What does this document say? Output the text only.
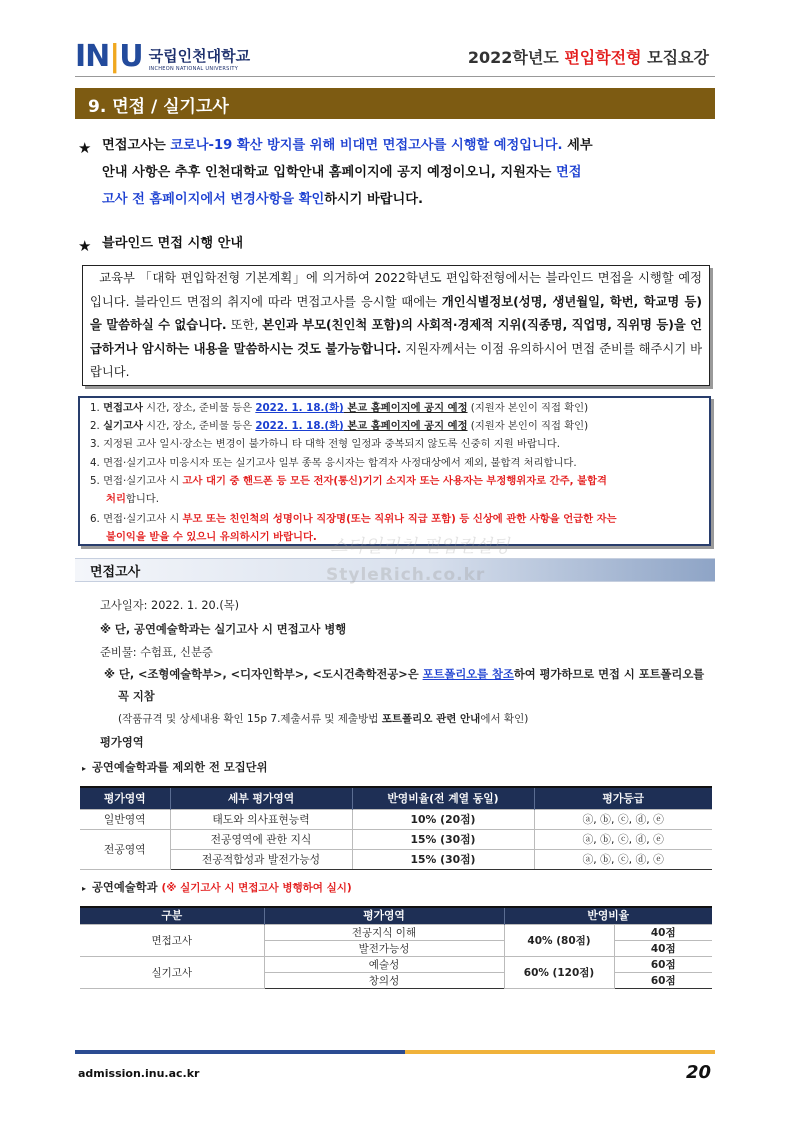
IN|U 국립인천대학교
INCHEON NATIONAL UNIVERSITY
2022학년도 편입학전형 모집요강
9. 면접 / 실기고사
★ 면접고사는 코로나-19 확산 방지를 위해 비대면 면접고사를 시행할 예정입니다. 세부
안내 사항은 추후 인천대학교 입학안내 홈페이지에 공지 예정이오니, 지원자는 면접
고사 전 홈페이지에서 변경사항을 확인하시기 바랍니다.
★ 블라인드 면접 시행 안내
교육부 「대학 편입학전형 기본계획」에 의거하여 2022학년도 편입학전형에서는 블라인드 면접을 시행할 예정입니다. 블라인드 면접의 취지에 따라 면접고사를 응시할 때에는 개인식별정보(성명, 생년월일, 학번, 학교명 등)을 말씀하실 수 없습니다. 또한, 본인과 부모(친인척 포함)의 사회적·경제적 지위(직종명, 직업명, 직위명 등)을 언급하거나 암시하는 내용을 말씀하시는 것도 불가능합니다. 지원자께서는 이점 유의하시어 면접 준비를 해주시기 바랍니다.
1. 면접고사 시간, 장소, 준비물 등은 2022. 1. 18.(화) 본교 홈페이지에 공지 예정 (지원자 본인이 직접 확인)
2. 실기고사 시간, 장소, 준비물 등은 2022. 1. 18.(화) 본교 홈페이지에 공지 예정 (지원자 본인이 직접 확인)
3. 지정된 고사 일시·장소는 변경이 불가하니 타 대학 전형 일정과 중복되지 않도록 신중히 지원 바랍니다.
4. 면접·실기고사 미응시자 또는 실기고사 일부 종목 응시자는 합격자 사정대상에서 제외, 불합격 처리합니다.
5. 면접·실기고사 시 고사 대기 중 핸드폰 등 모든 전자(통신)기기 소지자 또는 사용자는 부정행위자로 간주, 불합격
처리합니다.
6. 면접·실기고사 시 부모 또는 친인척의 성명이나 직장명(또는 직위나 직급 포함) 등 신상에 관한 사항을 언급한 자는
불이익을 받을 수 있으니 유의하시기 바랍니다.
면접고사
스타일리치 편입컨설팅
StyleRich.co.kr
고사일자: 2022. 1. 20.(목)
※ 단, 공연예술학과는 실기고사 시 면접고사 병행
준비물: 수험표, 신분증
※ 단, <조형예술학부>, <디자인학부>, <도시건축학전공>은 포트폴리오를 참조하여 평가하므로 면접 시 포트폴리오를
꼭 지참
(작품규격 및 상세내용 확인 15p 7.제출서류 및 제출방법 포트폴리오 관련 안내에서 확인)
평가영역
▸ 공연예술학과를 제외한 전 모집단위
평가영역	세부 평가영역	반영비율(전 계열 동일)	평가등급
일반영역	태도와 의사표현능력	10% (20점)	ⓐ, ⓑ, ⓒ, ⓓ, ⓔ
전공영역	전공영역에 관한 지식	15% (30점)	ⓐ, ⓑ, ⓒ, ⓓ, ⓔ
	전공적합성과 발전가능성	15% (30점)	ⓐ, ⓑ, ⓒ, ⓓ, ⓔ
▸ 공연예술학과 (※ 실기고사 시 면접고사 병행하여 실시)
구분	평가영역	반영비율	
면접고사	전공지식 이해	40% (80점)	40점
	발전가능성		40점
실기고사	예술성	60% (120점)	60점
	창의성		60점
admission.inu.ac.kr	20
